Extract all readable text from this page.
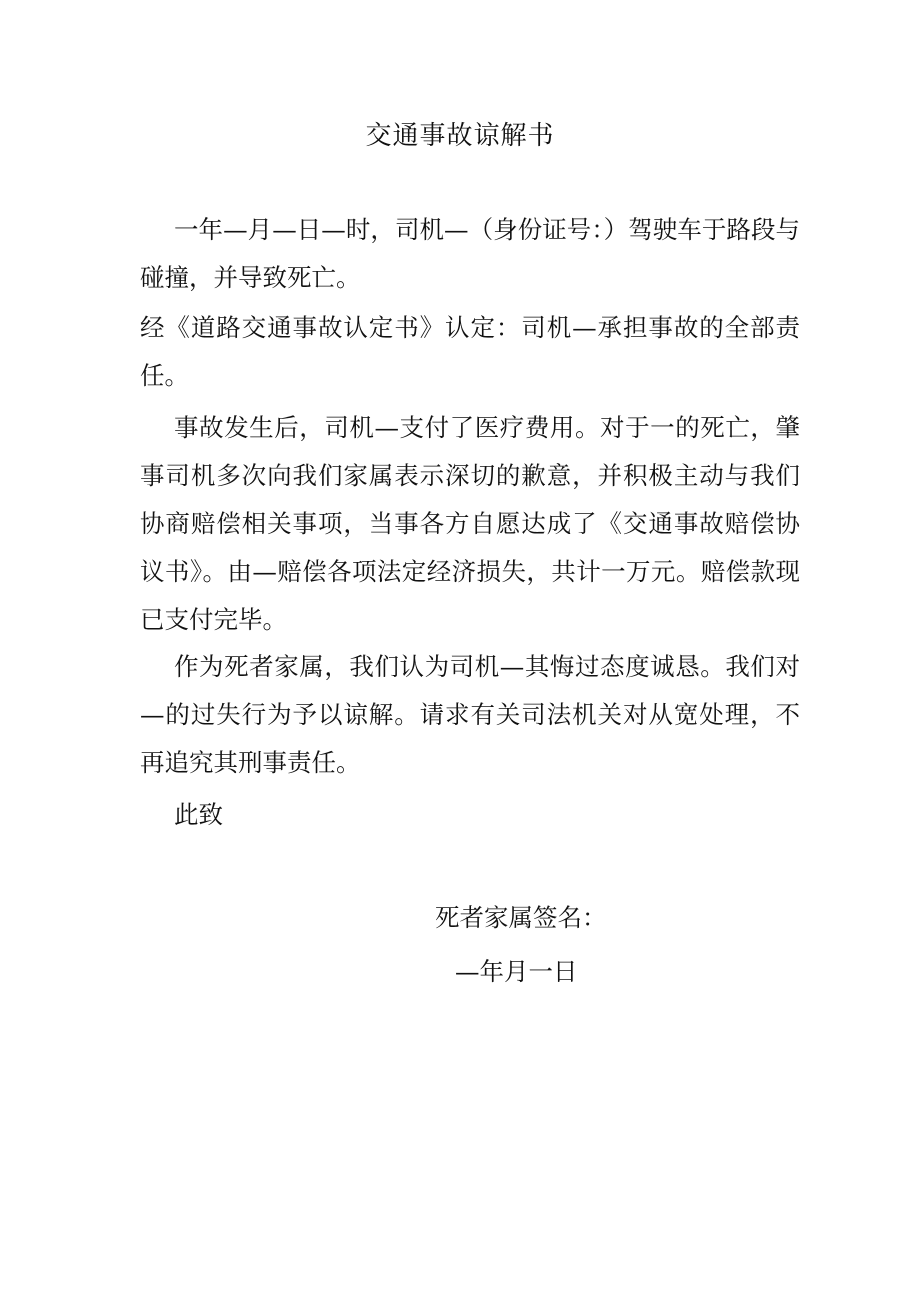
交通事故谅解书
一年—月—日—时，司机—（身份证号：）驾驶车于路段与碰撞，并导致死亡。
经《道路交通事故认定书》认定：司机—承担事故的全部责任。
事故发生后，司机—支付了医疗费用。对于一的死亡，肇事司机多次向我们家属表示深切的歉意，并积极主动与我们协商赔偿相关事项，当事各方自愿达成了《交通事故赔偿协议书》。由—赔偿各项法定经济损失，共计一万元。赔偿款现已支付完毕。
作为死者家属，我们认为司机—其悔过态度诚恳。我们对—的过失行为予以谅解。请求有关司法机关对从宽处理，不再追究其刑事责任。
此致
死者家属签名：
—年月一日
